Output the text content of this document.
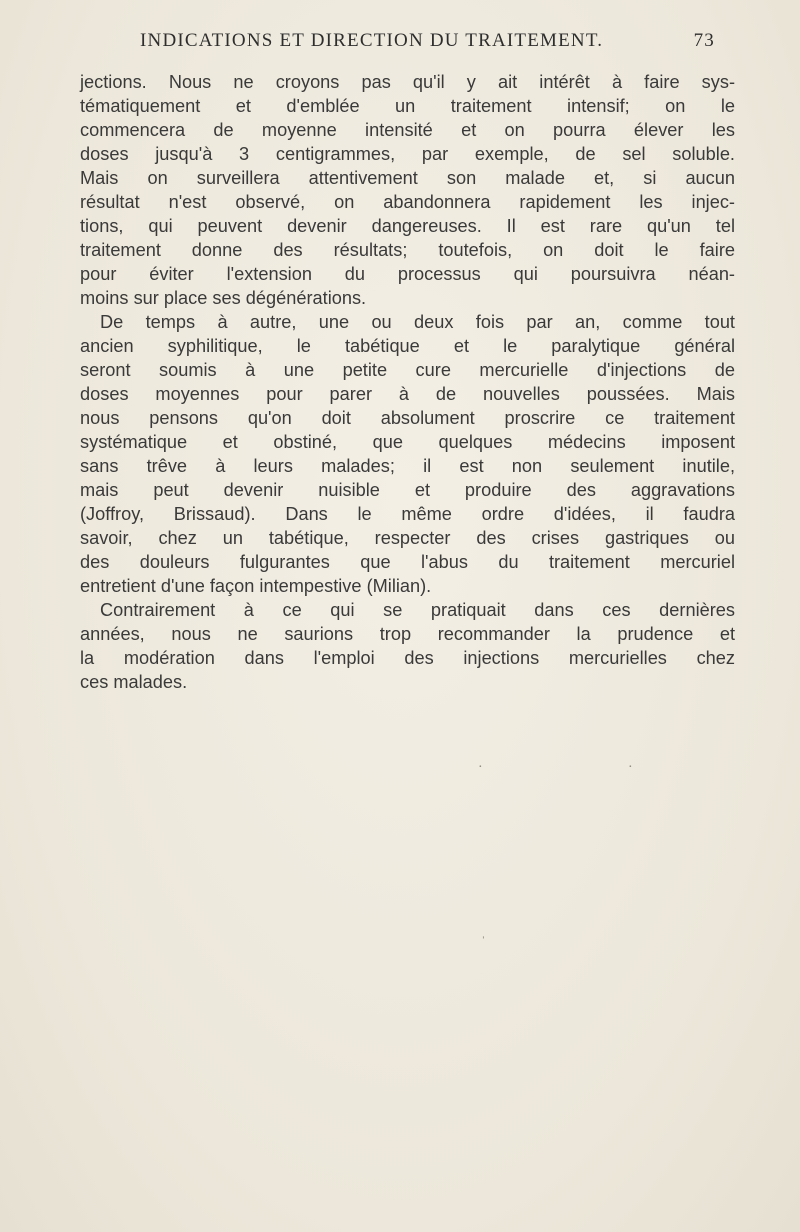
INDICATIONS ET DIRECTION DU TRAITEMENT.	73
jections. Nous ne croyons pas qu'il y ait intérêt à faire sys-
tématiquement et d'emblée un traitement intensif; on le
commencera de moyenne intensité et on pourra élever les
doses jusqu'à 3 centigrammes, par exemple, de sel soluble.
Mais on surveillera attentivement son malade et, si aucun
résultat n'est observé, on abandonnera rapidement les injec-
tions, qui peuvent devenir dangereuses. Il est rare qu'un tel
traitement donne des résultats; toutefois, on doit le faire
pour éviter l'extension du processus qui poursuivra néan-
moins sur place ses dégénérations.
De temps à autre, une ou deux fois par an, comme tout
ancien syphilitique, le tabétique et le paralytique général
seront soumis à une petite cure mercurielle d'injections de
doses moyennes pour parer à de nouvelles poussées. Mais
nous pensons qu'on doit absolument proscrire ce traitement
systématique et obstiné, que quelques médecins imposent
sans trêve à leurs malades; il est non seulement inutile,
mais peut devenir nuisible et produire des aggravations
(Joffroy, Brissaud). Dans le même ordre d'idées, il faudra
savoir, chez un tabétique, respecter des crises gastriques ou
des douleurs fulgurantes que l'abus du traitement mercuriel
entretient d'une façon intempestive (Milian).
Contrairement à ce qui se pratiquait dans ces dernières
années, nous ne saurions trop recommander la prudence et
la modération dans l'emploi des injections mercurielles chez
ces malades.
·	·
ˈ
